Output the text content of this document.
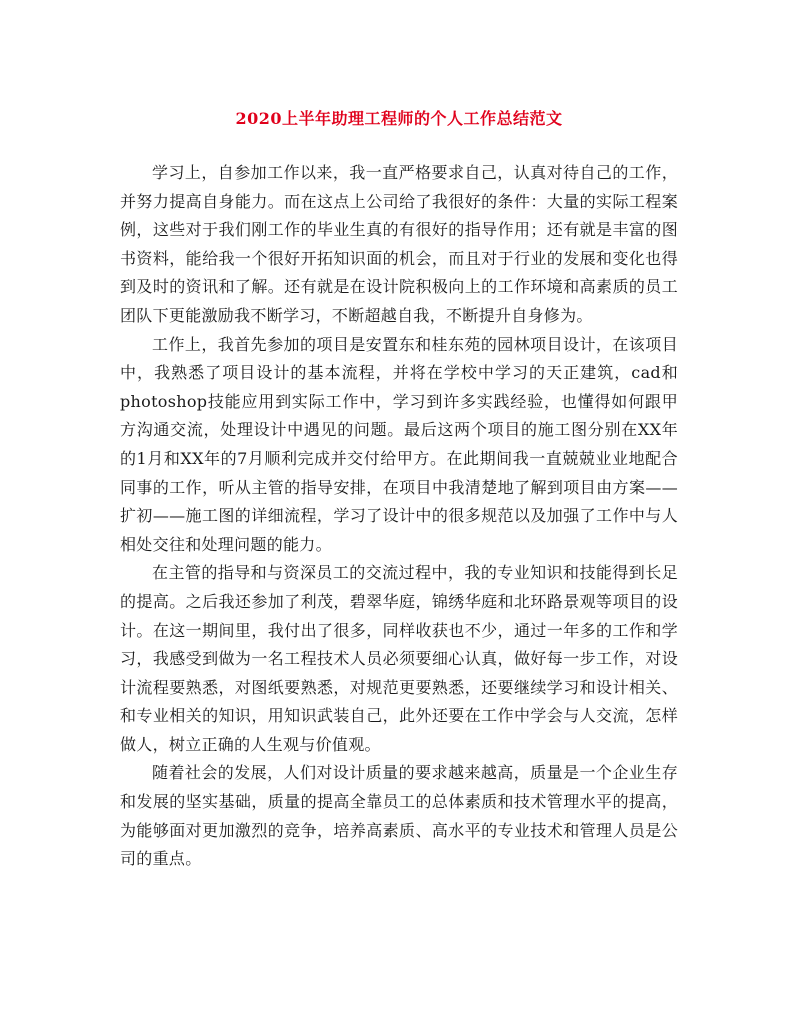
2020上半年助理工程师的个人工作总结范文

学习上，自参加工作以来，我一直严格要求自己，认真对待自己的工作，并努力提高自身能力。而在这点上公司给了我很好的条件：大量的实际工程案例，这些对于我们刚工作的毕业生真的有很好的指导作用；还有就是丰富的图书资料，能给我一个很好开拓知识面的机会，而且对于行业的发展和变化也得到及时的资讯和了解。还有就是在设计院积极向上的工作环境和高素质的员工团队下更能激励我不断学习，不断超越自我，不断提升自身修为。

工作上，我首先参加的项目是安置东和桂东苑的园林项目设计，在该项目中，我熟悉了项目设计的基本流程，并将在学校中学习的天正建筑，cad和photoshop技能应用到实际工作中，学习到许多实践经验，也懂得如何跟甲方沟通交流，处理设计中遇见的问题。最后这两个项目的施工图分别在XX年的1月和XX年的7月顺利完成并交付给甲方。在此期间我一直兢兢业业地配合同事的工作，听从主管的指导安排，在项目中我清楚地了解到项目由方案——扩初——施工图的详细流程，学习了设计中的很多规范以及加强了工作中与人相处交往和处理问题的能力。

在主管的指导和与资深员工的交流过程中，我的专业知识和技能得到长足的提高。之后我还参加了利茂，碧翠华庭，锦绣华庭和北环路景观等项目的设计。在这一期间里，我付出了很多，同样收获也不少，通过一年多的工作和学习，我感受到做为一名工程技术人员必须要细心认真，做好每一步工作，对设计流程要熟悉，对图纸要熟悉，对规范更要熟悉，还要继续学习和设计相关、和专业相关的知识，用知识武装自己，此外还要在工作中学会与人交流，怎样做人，树立正确的人生观与价值观。

随着社会的发展，人们对设计质量的要求越来越高，质量是一个企业生存和发展的坚实基础，质量的提高全靠员工的总体素质和技术管理水平的提高，为能够面对更加激烈的竞争，培养高素质、高水平的专业技术和管理人员是公司的重点。
